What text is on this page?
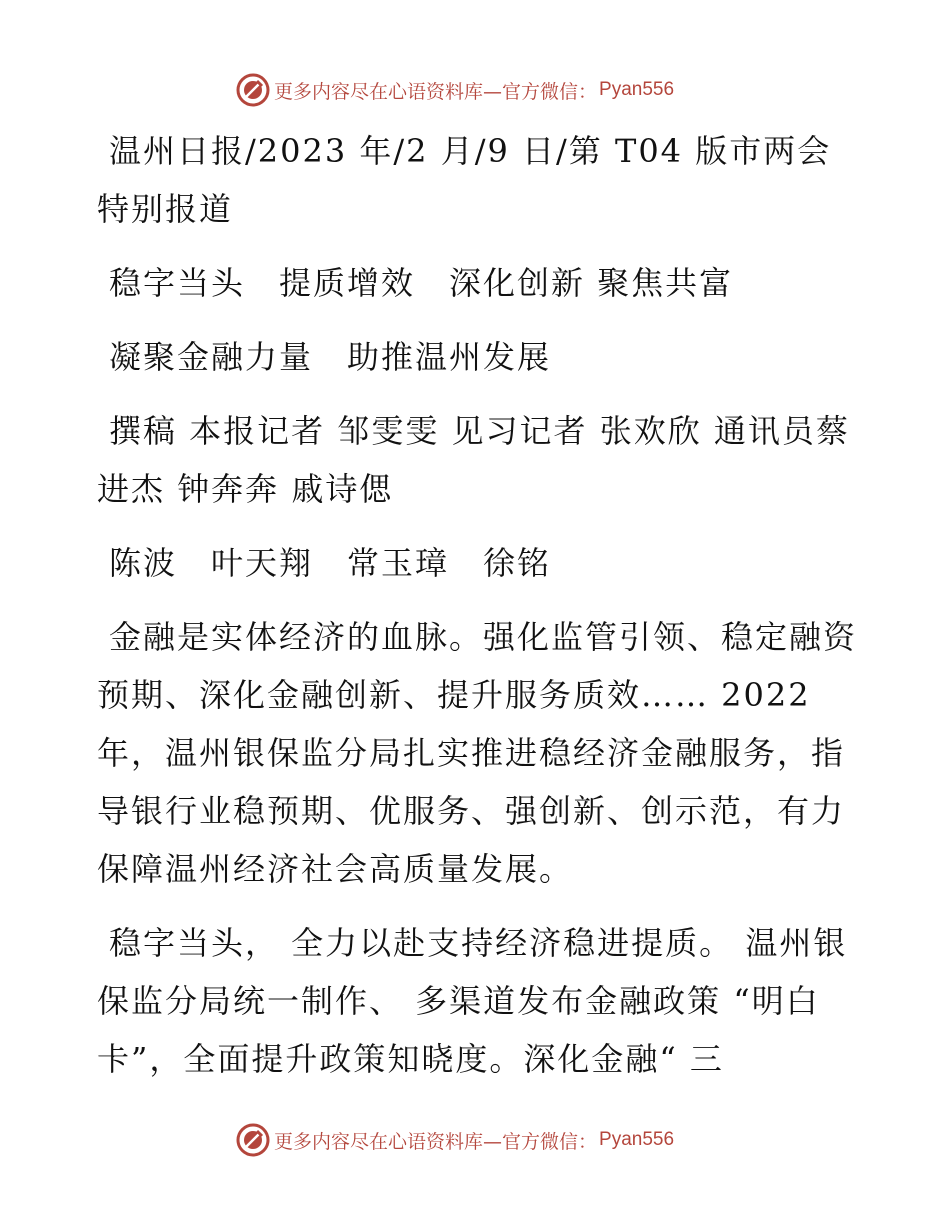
更多内容尽在心语资料库—官方微信： Pyan556

温州日报/2023 年/2 月/9 日/第 T04 版市两会特别报道

稳字当头　提质增效　深化创新 聚焦共富

凝聚金融力量　助推温州发展

撰稿 本报记者 邹雯雯 见习记者 张欢欣 通讯员蔡进杰 钟奔奔 戚诗偲

陈波　叶天翔　常玉璋　徐铭

金融是实体经济的血脉。强化监管引领、稳定融资预期、深化金融创新、提升服务质效…… 2022年，温州银保监分局扎实推进稳经济金融服务，指导银行业稳预期、优服务、强创新、创示范，有力保障温州经济社会高质量发展。

稳字当头， 全力以赴支持经济稳进提质。 温州银保监分局统一制作、 多渠道发布金融政策 “明白卡”，全面提升政策知晓度。深化金融“ 三

更多内容尽在心语资料库—官方微信： Pyan556
